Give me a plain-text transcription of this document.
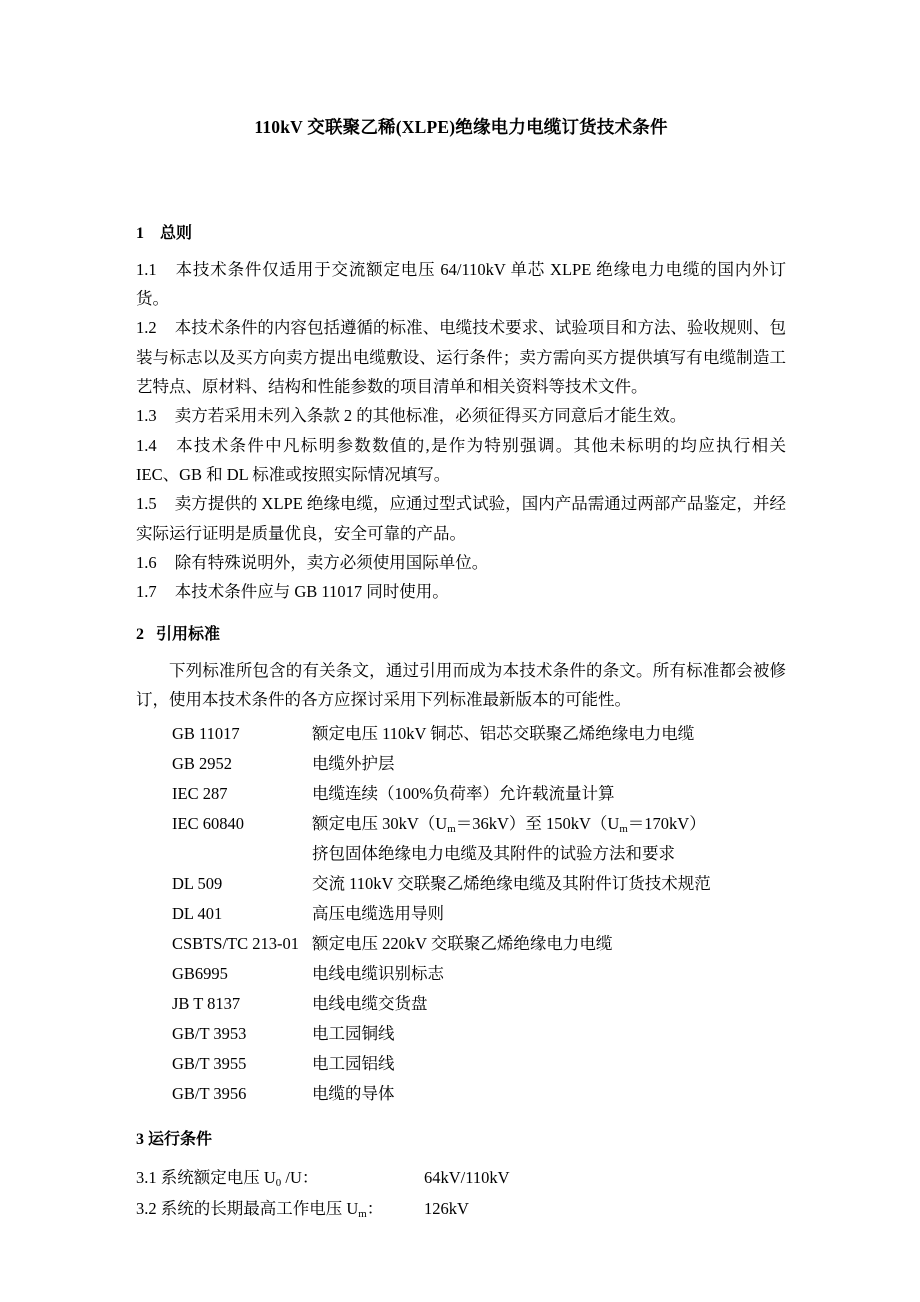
110kV 交联聚乙稀(XLPE)绝缘电力电缆订货技术条件
1    总则

1.1 本技术条件仅适用于交流额定电压 64/110kV 单芯 XLPE 绝缘电力电缆的国内外订货。

1.2 本技术条件的内容包括遵循的标准、电缆技术要求、试验项目和方法、验收规则、包装与标志以及买方向卖方提出电缆敷设、运行条件；卖方需向买方提供填写有电缆制造工艺特点、原材料、结构和性能参数的项目清单和相关资料等技术文件。

1.3 卖方若采用未列入条款 2 的其他标准，必须征得买方同意后才能生效。

1.4 本技术条件中凡标明参数数值的,是作为特别强调。其他未标明的均应执行相关 IEC、GB 和 DL 标准或按照实际情况填写。

1.5 卖方提供的 XLPE 绝缘电缆，应通过型式试验，国内产品需通过两部产品鉴定，并经实际运行证明是质量优良，安全可靠的产品。

1.6 除有特殊说明外，卖方必须使用国际单位。

1.7 本技术条件应与 GB 11017 同时使用。

2   引用标准

下列标准所包含的有关条文，通过引用而成为本技术条件的条文。所有标准都会被修订，使用本技术条件的各方应探讨采用下列标准最新版本的可能性。

GB 11017	额定电压 110kV 铜芯、铝芯交联聚乙烯绝缘电力电缆
GB 2952	电缆外护层
IEC 287	电缆连续（100%负荷率）允许载流量计算
IEC 60840	额定电压 $30kV(U_m=36kV)$至 $150kV(U_m=170kV)$
挤包固体绝缘电力电缆及其附件的试验方法和要求
DL 509	交流 110kV 交联聚乙烯绝缘电缆及其附件订货技术规范
DL 401	高压电缆选用导则
CSBTS/TC 213-01 额定电压 220kV 交联聚乙烯绝缘电力电缆
GB6995	电线电缆识别标志
JB T 8137	电线电缆交货盘
GB/T 3953	电工园铜线
GB/T 3955	电工园铝线
GB/T 3956	电缆的导体
3 运行条件
3.1 系统额定电压 $U_0$ /U：	64kV/110kV
3.2 系统的长期最高工作电压 $U_m$：	126kV
